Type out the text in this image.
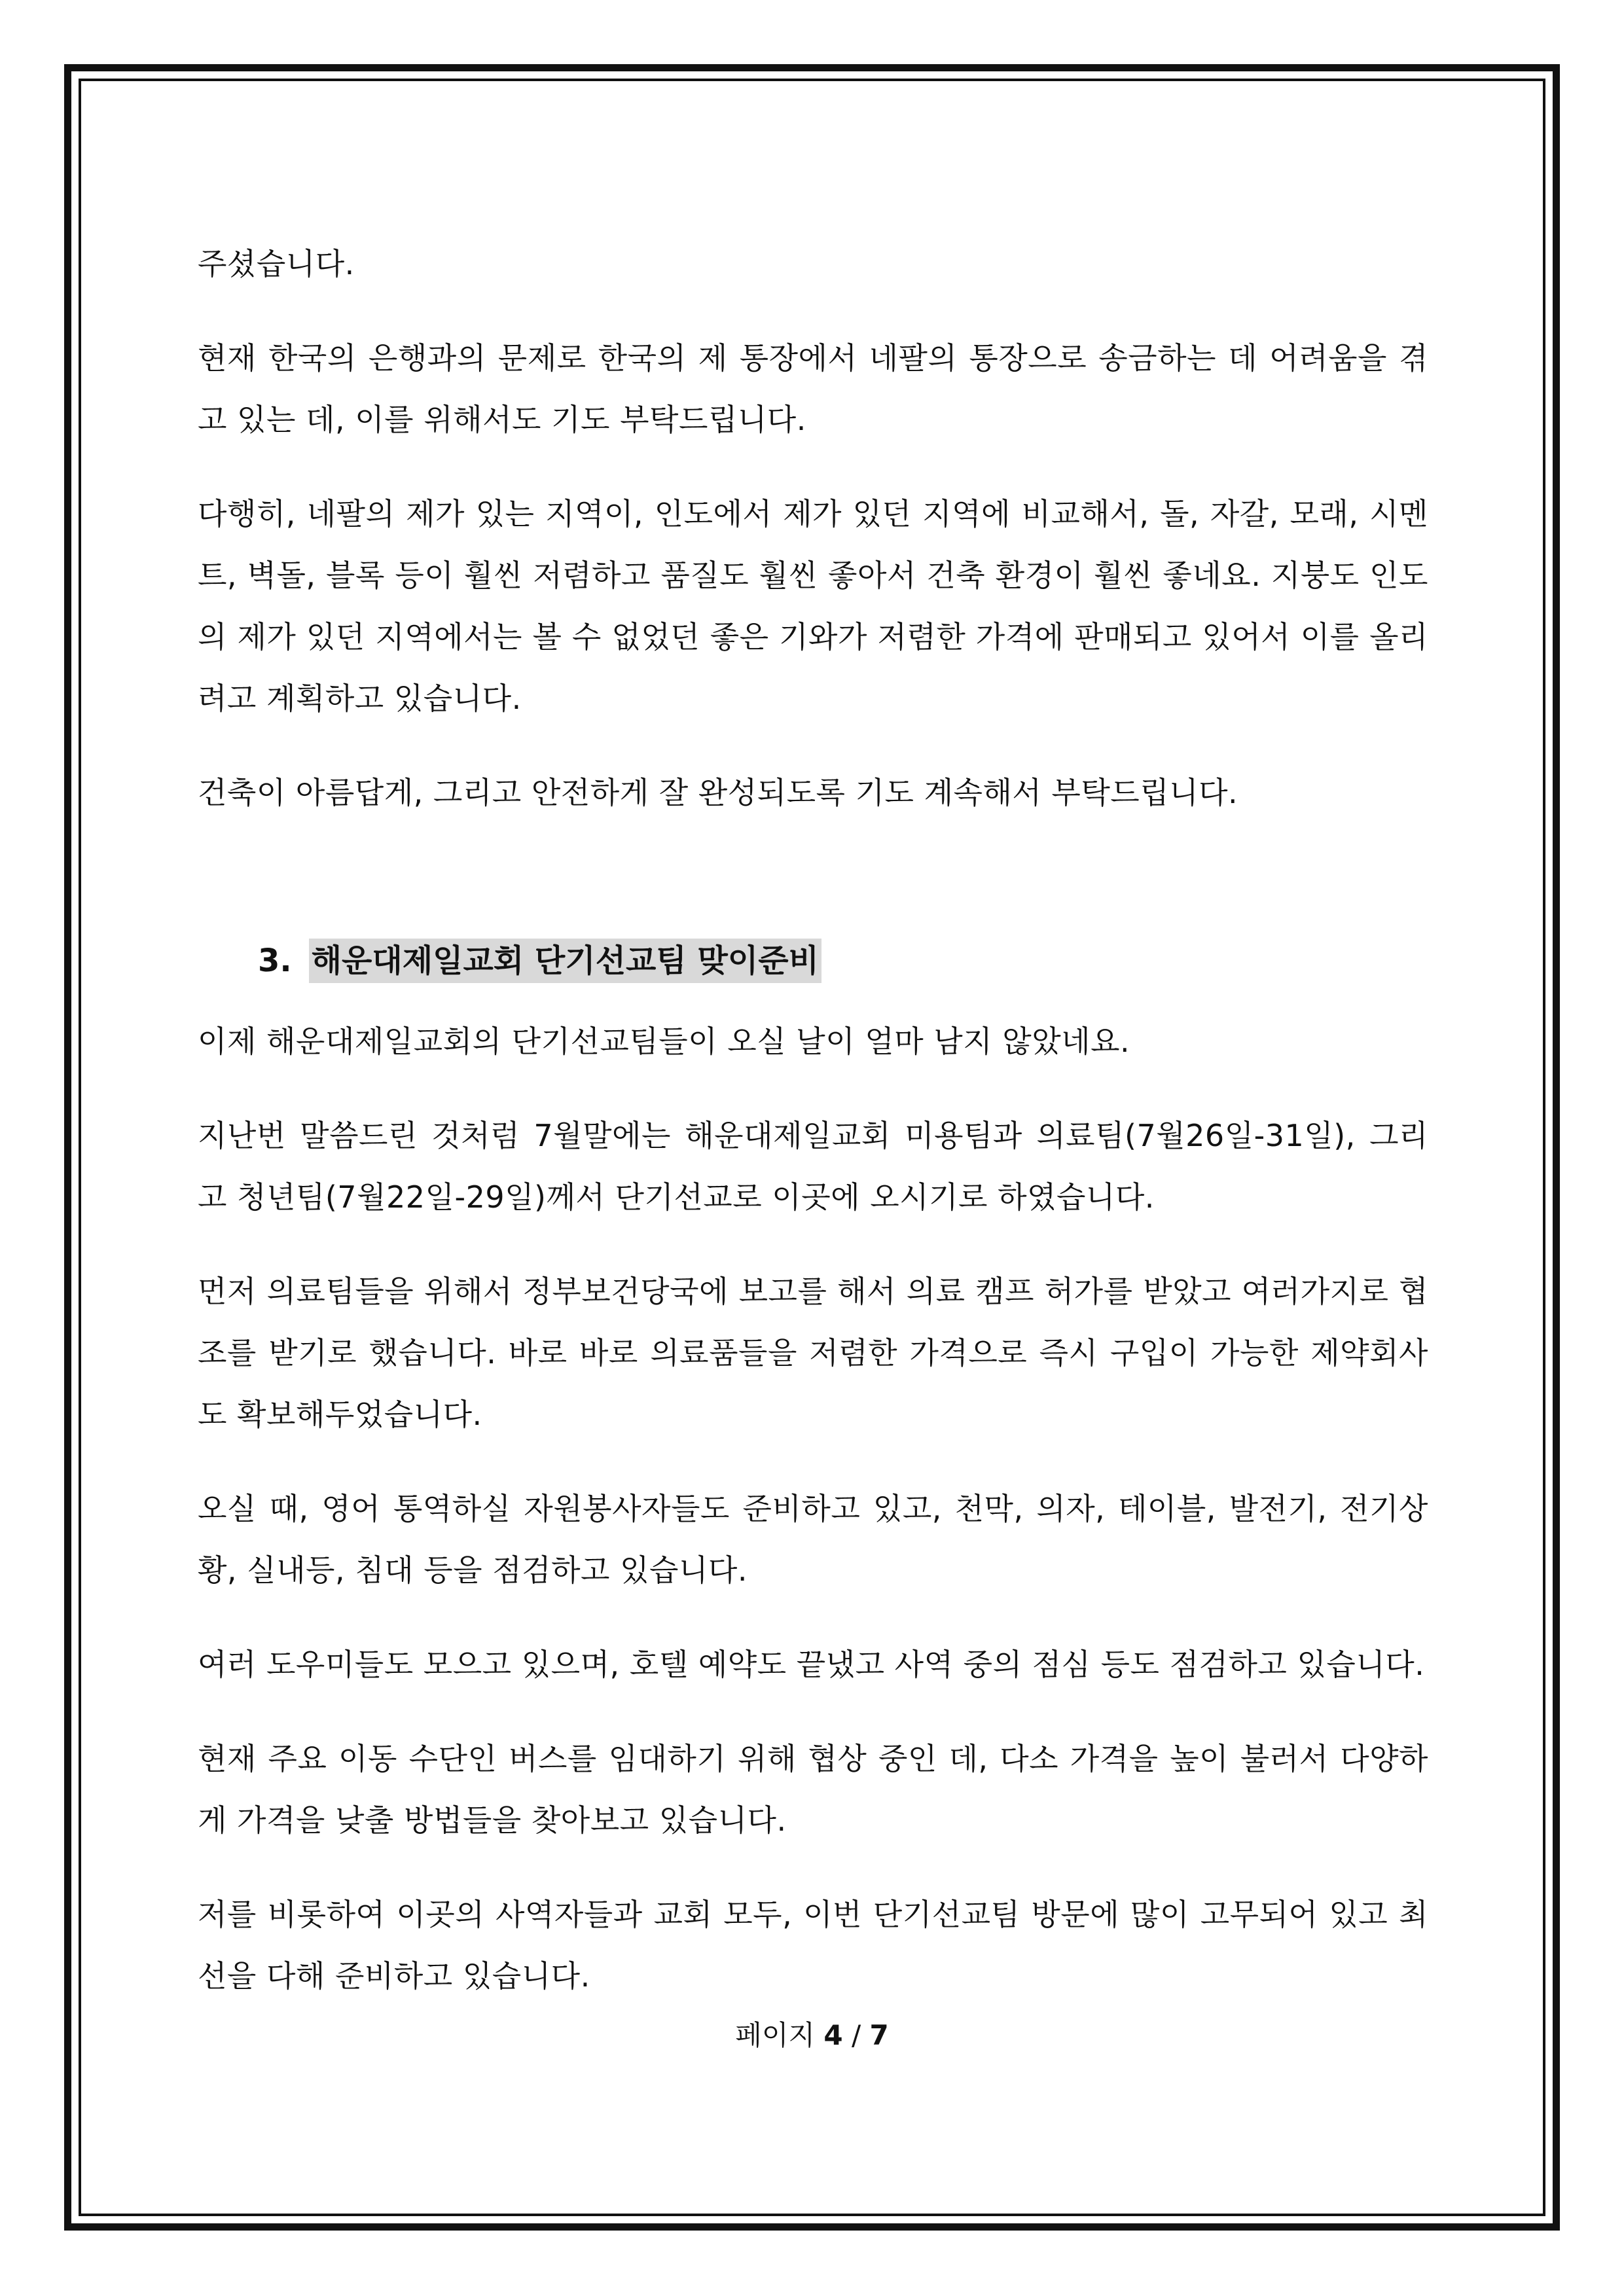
주셨습니다.

현재 한국의 은행과의 문제로 한국의 제 통장에서 네팔의 통장으로 송금하는 데 어려움을 겪고 있는 데, 이를 위해서도 기도 부탁드립니다.

다행히, 네팔의 제가 있는 지역이, 인도에서 제가 있던 지역에 비교해서, 돌, 자갈, 모래, 시멘트, 벽돌, 블록 등이 훨씬 저렴하고 품질도 훨씬 좋아서 건축 환경이 훨씬 좋네요. 지붕도 인도의 제가 있던 지역에서는 볼 수 없었던 좋은 기와가 저렴한 가격에 판매되고 있어서 이를 올리려고 계획하고 있습니다.

건축이 아름답게, 그리고 안전하게 잘 완성되도록 기도 계속해서 부탁드립니다.

3. 해운대제일교회 단기선교팀 맞이준비

이제 해운대제일교회의 단기선교팀들이 오실 날이 얼마 남지 않았네요.

지난번 말씀드린 것처럼 7월말에는 해운대제일교회 미용팀과 의료팀(7월26일-31일), 그리고 청년팀(7월22일-29일)께서 단기선교로 이곳에 오시기로 하였습니다.

먼저 의료팀들을 위해서 정부보건당국에 보고를 해서 의료 캠프 허가를 받았고 여러가지로 협조를 받기로 했습니다. 바로 바로 의료품들을 저렴한 가격으로 즉시 구입이 가능한 제약회사도 확보해두었습니다.

오실 때, 영어 통역하실 자원봉사자들도 준비하고 있고, 천막, 의자, 테이블, 발전기, 전기상황, 실내등, 침대 등을 점검하고 있습니다.

여러 도우미들도 모으고 있으며, 호텔 예약도 끝냈고 사역 중의 점심 등도 점검하고 있습니다.

현재 주요 이동 수단인 버스를 임대하기 위해 협상 중인 데, 다소 가격을 높이 불러서 다양하게 가격을 낮출 방법들을 찾아보고 있습니다.

저를 비롯하여 이곳의 사역자들과 교회 모두, 이번 단기선교팀 방문에 많이 고무되어 있고 최선을 다해 준비하고 있습니다.

페이지 4 / 7
